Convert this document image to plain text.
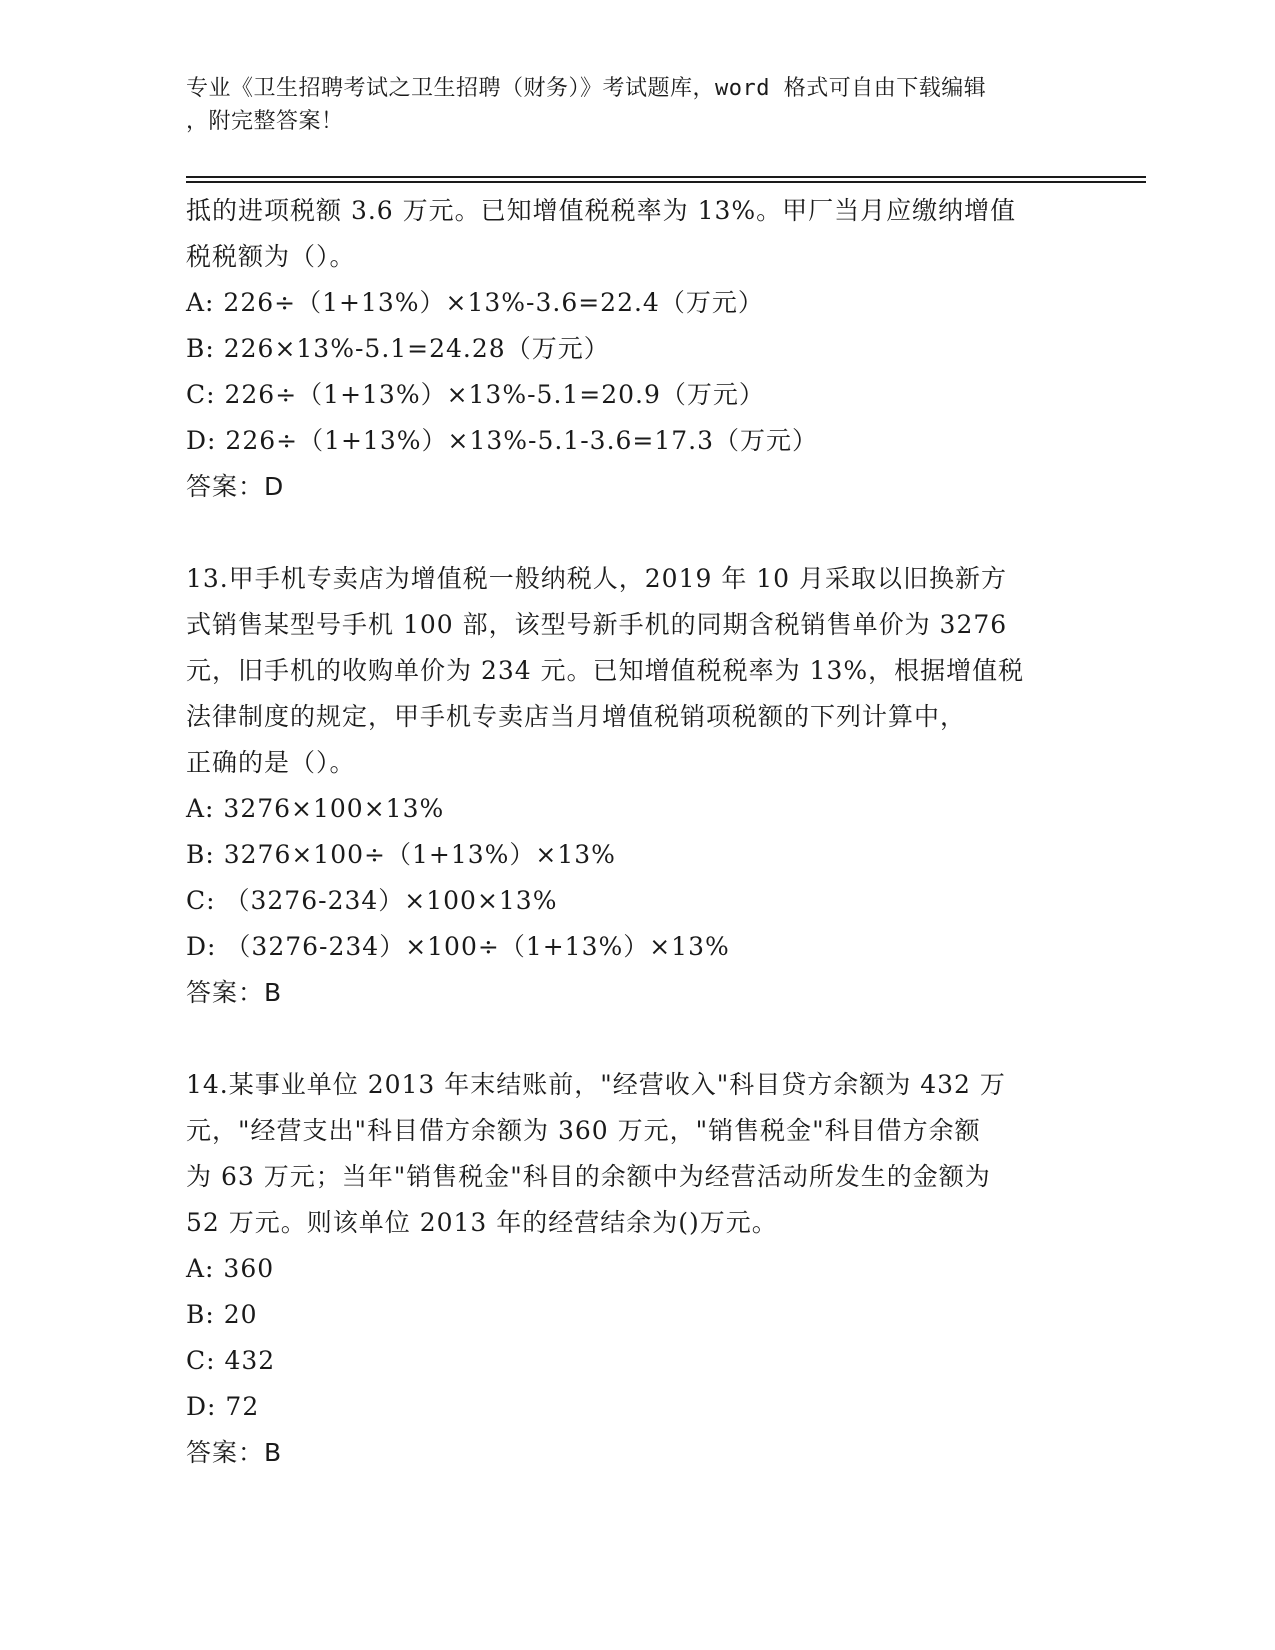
专业《卫生招聘考试之卫生招聘（财务）》考试题库，word 格式可自由下载编辑
，附完整答案！
抵的进项税额 3.6 万元。已知增值税税率为 13%。甲厂当月应缴纳增值
税税额为（）。
A: 226÷（1+13%）×13%-3.6=22.4（万元）
B: 226×13%-5.1=24.28（万元）
C: 226÷（1+13%）×13%-5.1=20.9（万元）
D: 226÷（1+13%）×13%-5.1-3.6=17.3（万元）
答案：D
13.甲手机专卖店为增值税一般纳税人，2019 年 10 月采取以旧换新方
式销售某型号手机 100 部，该型号新手机的同期含税销售单价为 3276
元，旧手机的收购单价为 234 元。已知增值税税率为 13%，根据增值税
法律制度的规定，甲手机专卖店当月增值税销项税额的下列计算中，
正确的是（）。
A: 3276×100×13%
B: 3276×100÷（1+13%）×13%
C: （3276-234）×100×13%
D: （3276-234）×100÷（1+13%）×13%
答案：B
14.某事业单位 2013 年末结账前，"经营收入"科目贷方余额为 432 万
元，"经营支出"科目借方余额为 360 万元，"销售税金"科目借方余额
为 63 万元；当年"销售税金"科目的余额中为经营活动所发生的金额为
52 万元。则该单位 2013 年的经营结余为()万元。
A: 360
B: 20
C: 432
D: 72
答案：B
